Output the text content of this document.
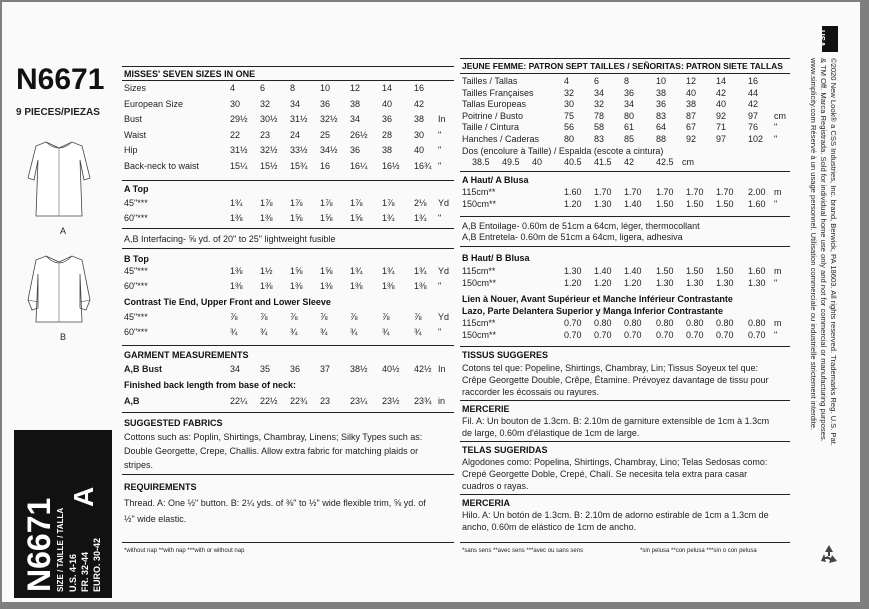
N6671
9 PIECES/PIEZAS
A
B
N6671 SIZE / TAILLE / TALLA U.S. 4-16
FR. 32-44
EURO. 30-42
A
MISSES' SEVEN SIZES IN ONE
Sizes	4	6	8	10 12 14 16
European Size	30 32 34 36 38 40 42
Bust	29½ 30½ 31½ 32½ 34 36 38 In
Waist	22 23 24 25 26½ 28 30 "
Hip	31½ 32½ 33½ 34½ 36 38 40 "
Back-neck to waist	15¼ 15½ 15¾ 16 16¼ 16½ 16¾ "
A Top
45"***	1¾ 1⅞ 1⅞ 1⅞ 1⅞ 1⅞ 2⅛ Yd
60"***	1⅜ 1⅜ 1⅝ 1⅝ 1⅝ 1¾ 1¾ "
A,B Interfacing- ⅝ yd. of 20" to 25" lightweight fusible
B Top
45"***	1⅜ 1½ 1⅝ 1⅝ 1¾ 1¾ 1¾ Yd
60"***	1⅜ 1⅜ 1⅜ 1⅜ 1⅜ 1⅜ 1⅜ "
Contrast Tie End, Upper Front and Lower Sleeve
45"***	⅞ ⅞ ⅞ ⅞ ⅞	⅞	⅞ Yd
60"***	¾ ¾ ¾ ¾ ¾	¾	¾ "
GARMENT MEASUREMENTS
A,B Bust	34 35 36 37 38½ 40½ 42½ In
Finished back length from base of neck:
A,B	22¼ 22½ 22¾ 23 23¼ 23½ 23¾ in
SUGGESTED FABRICS
Cottons such as: Poplin, Shirtings, Chambray, Linens; Silky Types such as:
Double Georgette, Crepe, Challis. Allow extra fabric for matching plaids or
stripes.
REQUIREMENTS
Thread. A: One ½" button. B: 2¼ yds. of ⅜" to ½" wide flexible trim, ⅝ yd. of
½" wide elastic.
*without nap **with nap ***with or without nap
JEUNE FEMME: PATRON SEPT TAILLES / SEÑORITAS: PATRON SIETE TALLAS
Tailles / Tallas	4	6	8	10 12 14 16
Tailles Françaises	32 34 36 38 40 42 44
Tallas Europeas	30 32 34 36 38 40 42
Poitrine / Busto	75 78 80 83 87 92 97 cm
Taille / Cintura	56 58 61 64 67 71 76 "
Hanches / Caderas	80 83 85 88 92 97 102 "
Dos (encolure à Taille) / Espalda (escote a cintura)
38.5 49.5 40 40.5 41.5 42 42.5 cm
A Haut/ A Blusa
115cm**	1.60 1.70 1.70 1.70 1.70 1.70 2.00 m
150cm**	1.20 1.30 1.40 1.50 1.50 1.50 1.60 "
A,B Entoilage- 0.60m de 51cm a 64cm, léger, thermocollant
A,B Entretela- 0.60m de 51cm a 64cm, ligera, adhesiva
B Haut/ B Blusa
115cm**	1.30 1.40 1.40 1.50 1.50 1.50 1.60 m
150cm**	1.20 1.20 1.20 1.30 1.30 1.30 1.30 "
Lien à Nouer, Avant Supérieur et Manche Inférieur Contrastante
Lazo, Parte Delantera Superior y Manga Inferior Contrastante
115cm**	0.70 0.80 0.80 0.80 0.80 0.80 0.80 m
150cm**	0.70 0.70 0.70 0.70 0.70 0.70 0.70 "
TISSUS SUGGERES
Cotons tel que: Popeline, Shirtings, Chambray, Lin; Tissus Soyeux tel que:
Crêpe Georgette Double, Crêpe, Étamine. Prévoyez davantage de tissu pour
raccorder les écossais ou rayures.
MERCERIE
Fil. A: Un bouton de 1.3cm. B: 2.10m de garniture extensible de 1cm à 1.3cm
de large, 0.60m d'élastique de 1cm de large.
TELAS SUGERIDAS
Algodones como: Popelina, Shirtings, Chambray, Lino; Telas Sedosas como:
Crepé Georgette Doble, Crepé, Chalí. Se necesita tela extra para casar
cuadros o rayas.
MERCERIA
Hilo. A: Un botón de 1.3cm. B: 2.10m de adorno estirable de 1cm a 1.3cm de
ancho, 0.60m de elástico de 1cm de ancho.
*sans sens **avec sens ***avec ou sans sens	*sin pelusa **con pelusa ***sin o con pelusa
USA
©2020 New Look® a CSS Industries, Inc. brand, Berwick, PA 18603. All rights reserved. Trademarks Reg. U.S. Pat.
& TM Off. Marca Registrada. Sold for individual home use only and not for commercial or manufacturing purposes.
www.simplicity.com Réservé à un usage personnel. Utilisation commerciale ou industrielle strictement interdite.
